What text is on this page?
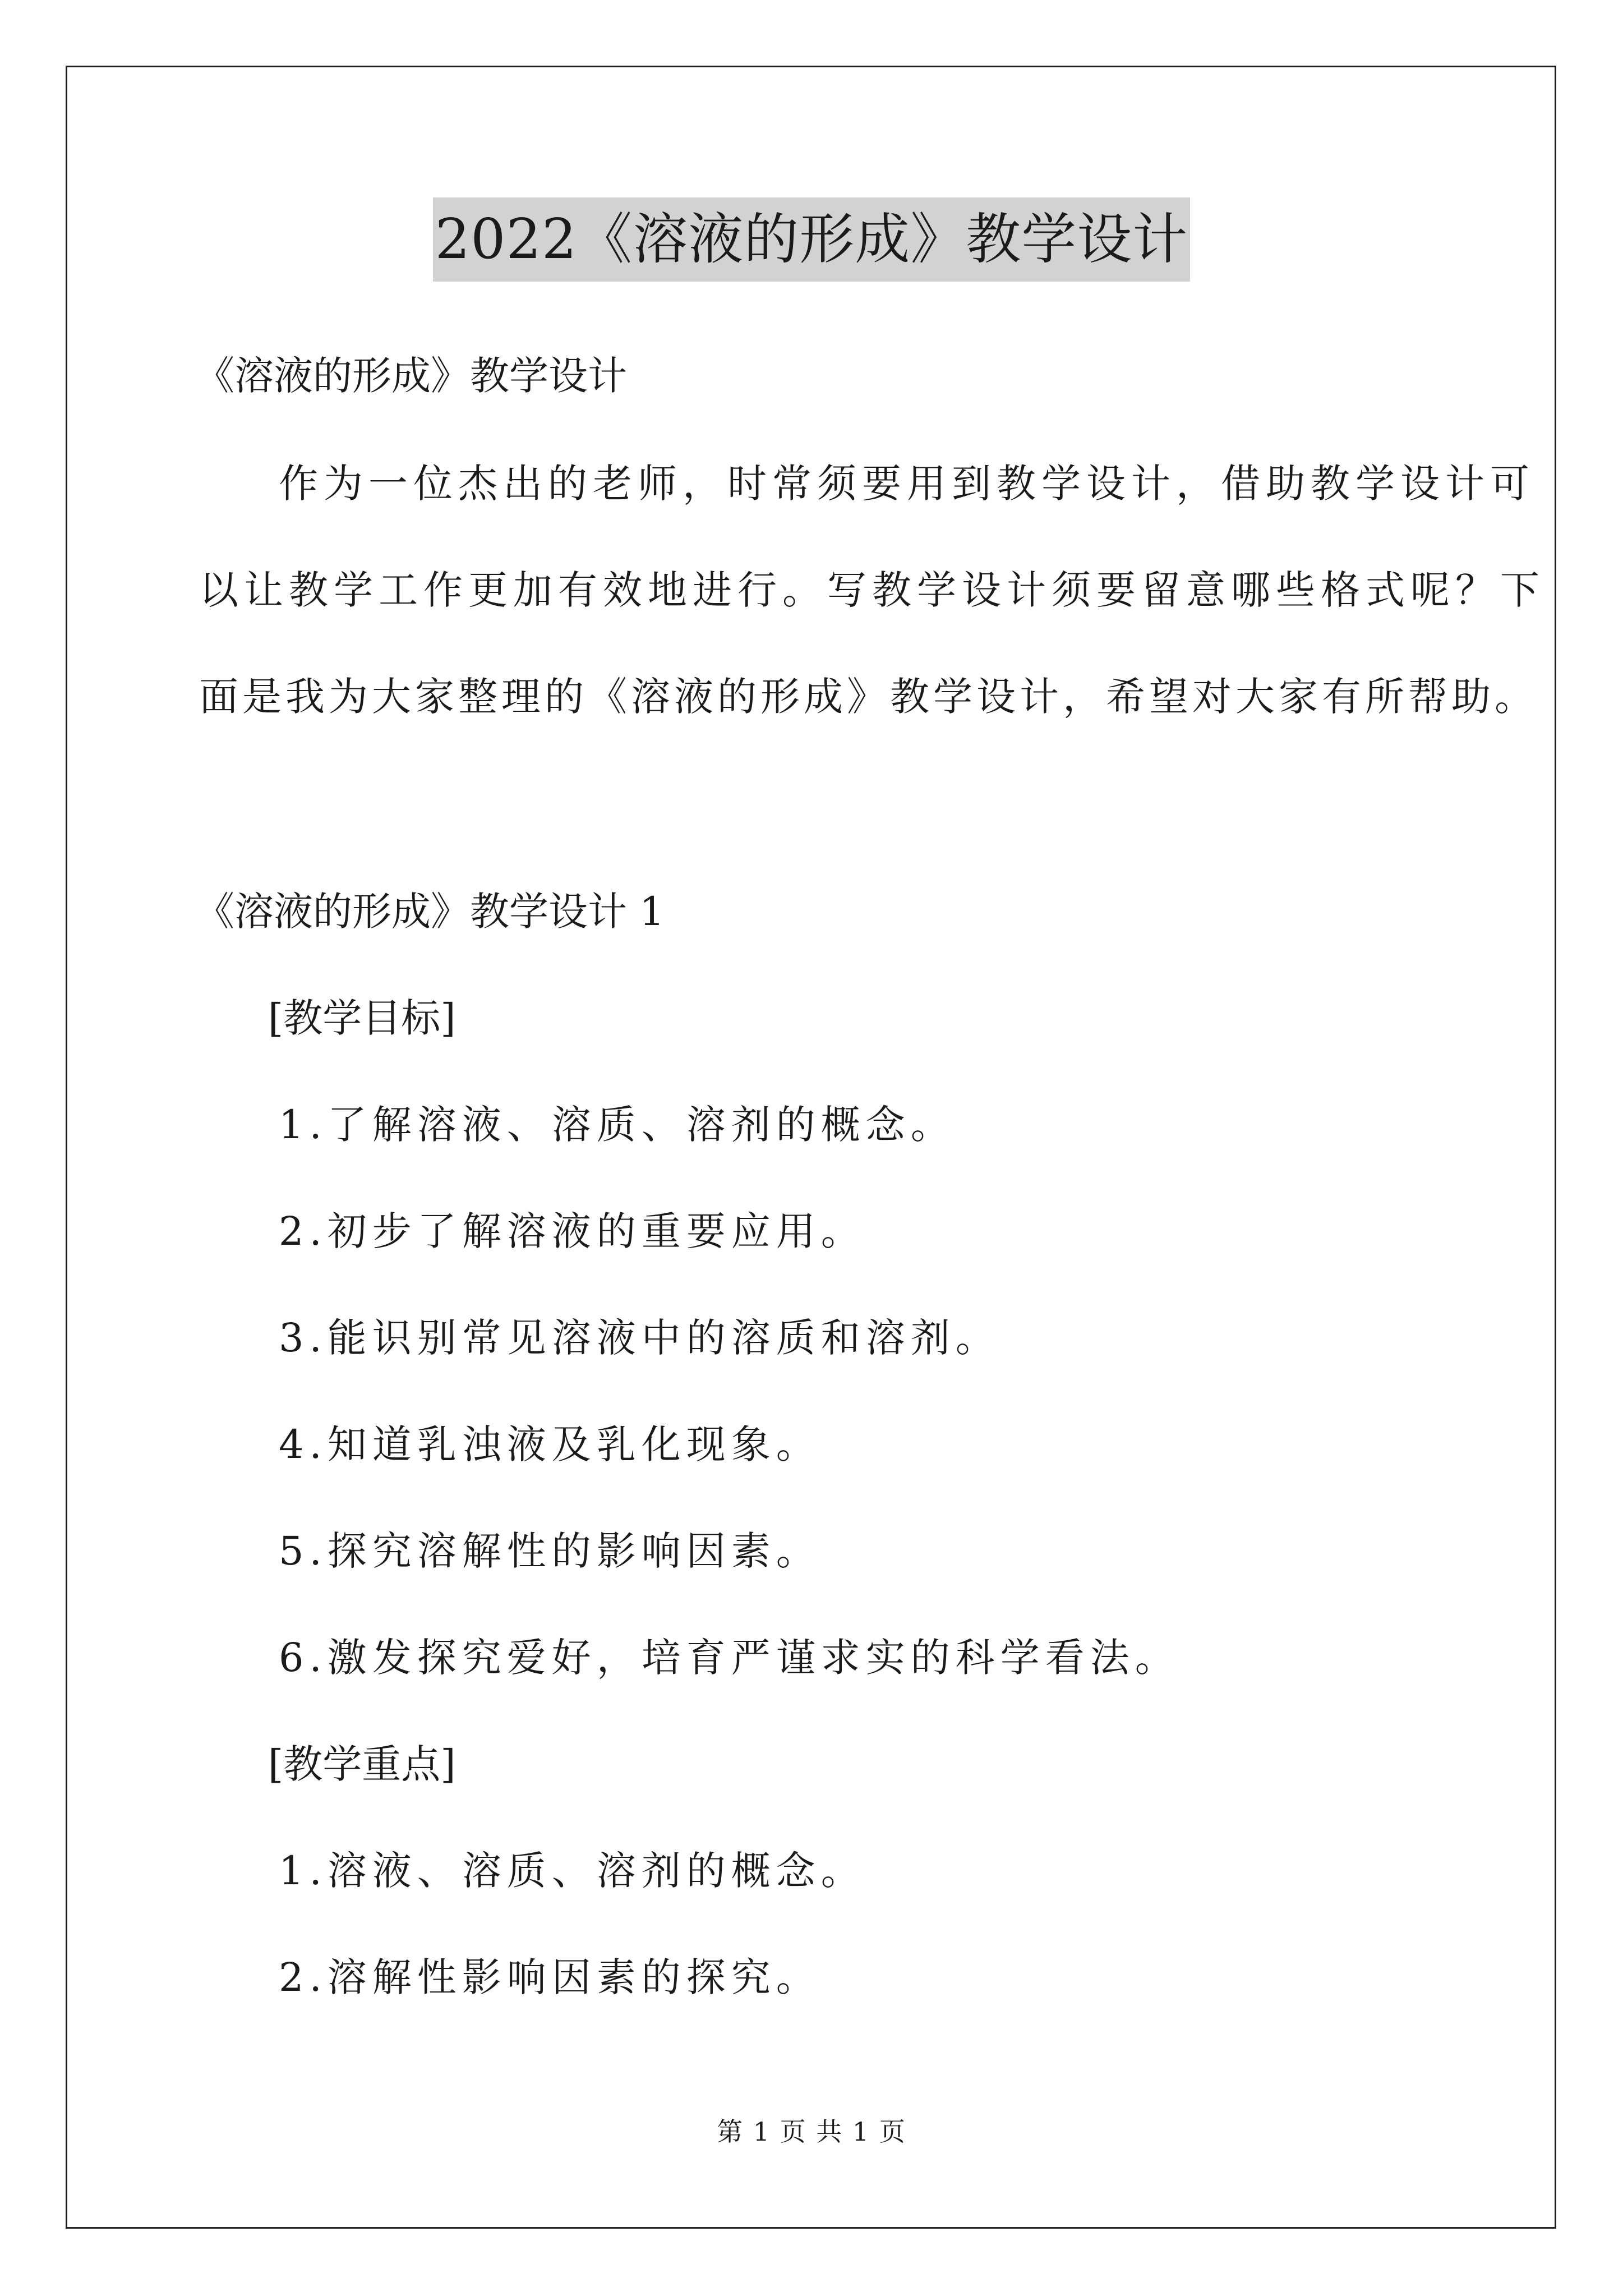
2022《溶液的形成》教学设计
《溶液的形成》教学设计
作为一位杰出的老师，时常须要用到教学设计，借助教学设计可
以让教学工作更加有效地进行。写教学设计须要留意哪些格式呢？下
面是我为大家整理的《溶液的形成》教学设计，希望对大家有所帮助。
《溶液的形成》教学设计 1
[教学目标]
1.了解溶液、溶质、溶剂的概念。
2.初步了解溶液的重要应用。
3.能识别常见溶液中的溶质和溶剂。
4.知道乳浊液及乳化现象。
5.探究溶解性的影响因素。
6.激发探究爱好，培育严谨求实的科学看法。
[教学重点]
1.溶液、溶质、溶剂的概念。
2.溶解性影响因素的探究。
第 1 页 共 1 页
